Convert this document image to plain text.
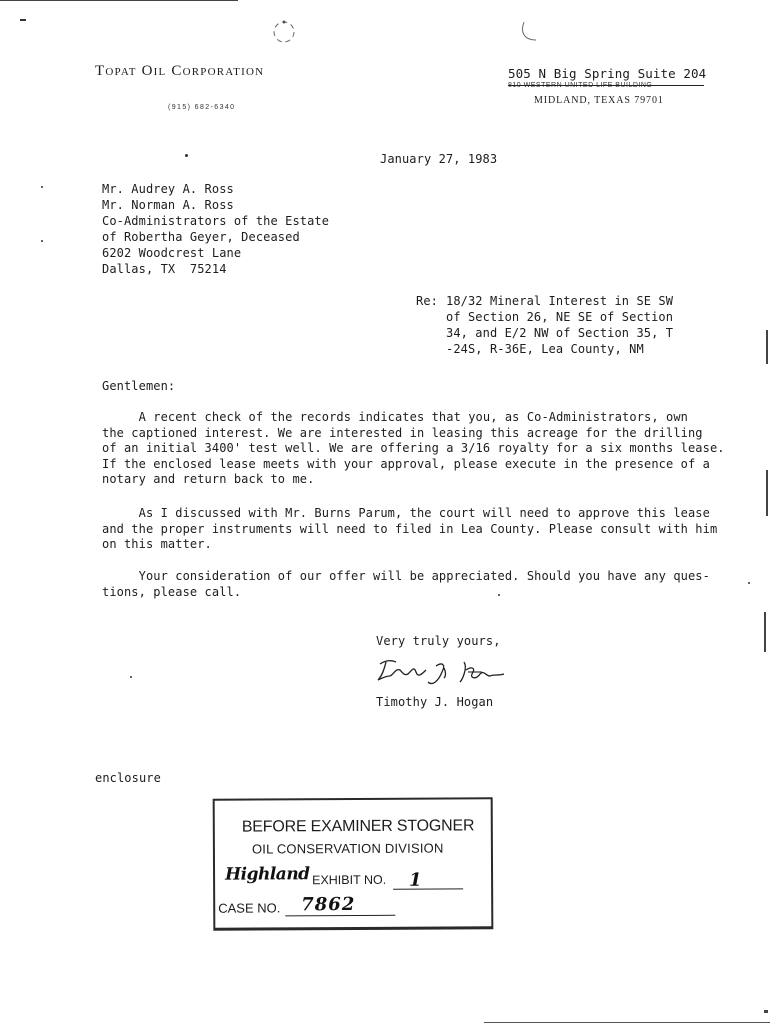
Topat Oil Corporation
(915) 682-6340
505 N Big Spring Suite 204
810 WESTERN UNITED LIFE BUILDING
MIDLAND, TEXAS 79701
January 27, 1983
Mr. Audrey A. Ross
Mr. Norman A. Ross
Co-Administrators of the Estate
of Robertha Geyer, Deceased
6202 Woodcrest Lane
Dallas, TX  75214
Re: 18/32 Mineral Interest in SE SW
of Section 26, NE SE of Section
34, and E/2 NW of Section 35, T
-24S, R-36E, Lea County, NM
Gentlemen:
A recent check of the records indicates that you, as Co-Administrators, own
the captioned interest. We are interested in leasing this acreage for the drilling
of an initial 3400' test well. We are offering a 3/16 royalty for a six months lease.
If the enclosed lease meets with your approval, please execute in the presence of a
notary and return back to me.
As I discussed with Mr. Burns Parum, the court will need to approve this lease
and the proper instruments will need to filed in Lea County. Please consult with him
on this matter.
Your consideration of our offer will be appreciated. Should you have any ques-
tions, please call.
Very truly yours,
Timothy J. Hogan
enclosure
BEFORE EXAMINER STOGNER
OIL CONSERVATION DIVISION
Highland EXHIBIT NO. 1
CASE NO. 7862
